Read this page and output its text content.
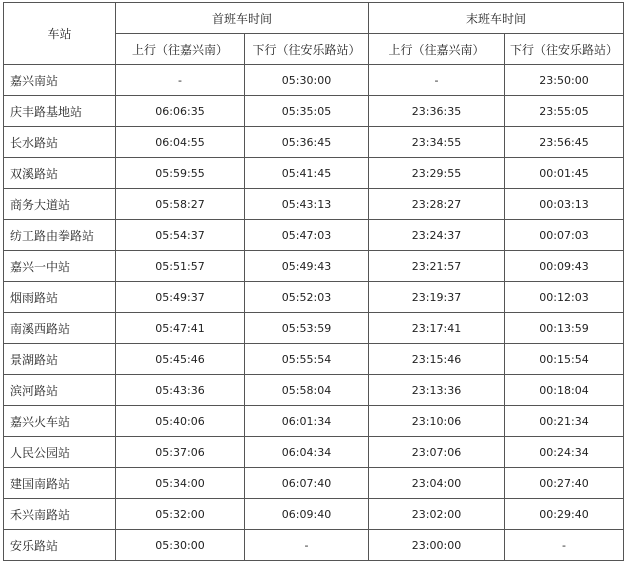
车站	首班车时间		末班车时间	
	上行（往嘉兴南）	下行（往安乐路站）	上行（往嘉兴南）	下行（往安乐路站）
嘉兴南站	-	05:30:00	-	23:50:00
庆丰路基地站	06:06:35	05:35:05	23:36:35	23:55:05
长水路站	06:04:55	05:36:45	23:34:55	23:56:45
双溪路站	05:59:55	05:41:45	23:29:55	00:01:45
商务大道站	05:58:27	05:43:13	23:28:27	00:03:13
纺工路由拳路站	05:54:37	05:47:03	23:24:37	00:07:03
嘉兴一中站	05:51:57	05:49:43	23:21:57	00:09:43
烟雨路站	05:49:37	05:52:03	23:19:37	00:12:03
南溪西路站	05:47:41	05:53:59	23:17:41	00:13:59
景湖路站	05:45:46	05:55:54	23:15:46	00:15:54
滨河路站	05:43:36	05:58:04	23:13:36	00:18:04
嘉兴火车站	05:40:06	06:01:34	23:10:06	00:21:34
人民公园站	05:37:06	06:04:34	23:07:06	00:24:34
建国南路站	05:34:00	06:07:40	23:04:00	00:27:40
禾兴南路站	05:32:00	06:09:40	23:02:00	00:29:40
安乐路站	05:30:00	-	23:00:00	-
